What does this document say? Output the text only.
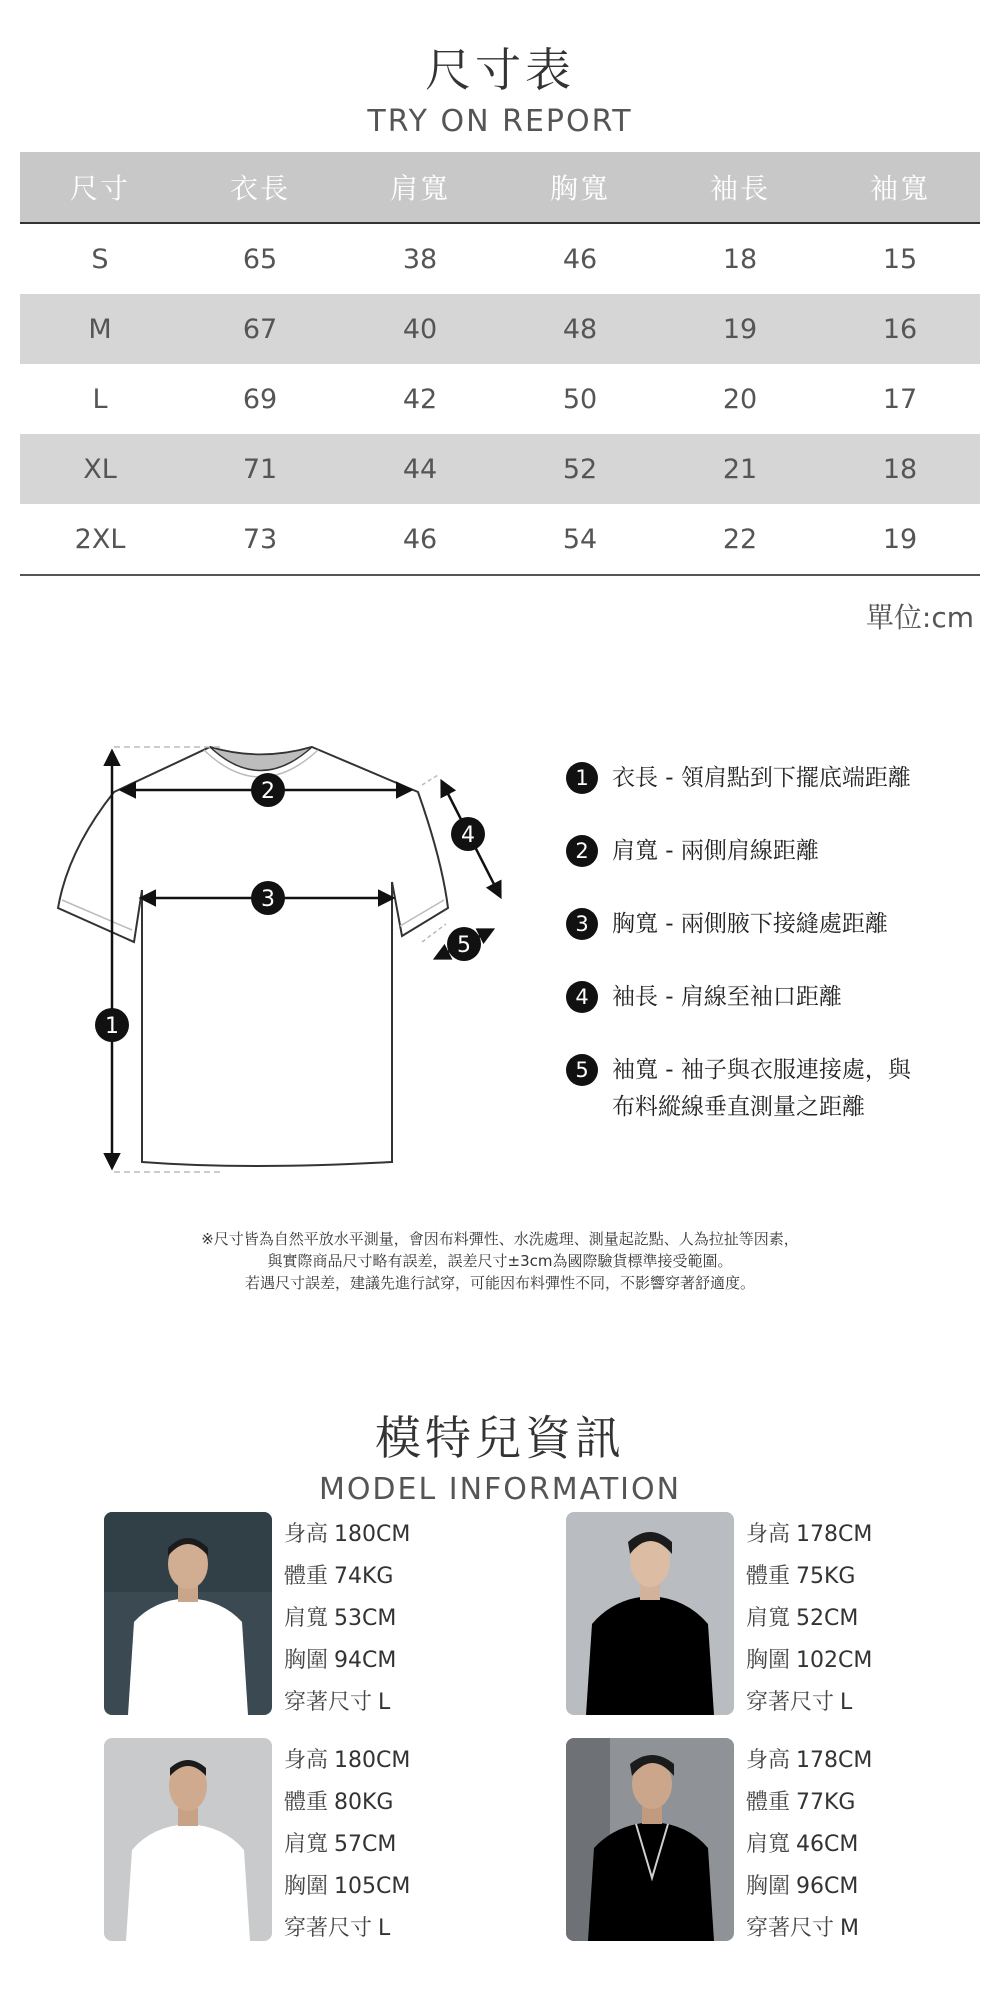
尺寸表
TRY ON REPORT
尺寸	衣長	肩寬	胸寬	袖長	袖寬
S	65	38	46	18	15
M	67	40	48	19	16
L	69	42	50	20	17
XL	71	44	52	21	18
2XL	73	46	54	22	19
單位:cm
1
2
3
4
5
1	衣長 - 領肩點到下擺底端距離
2	肩寬 - 兩側肩線距離
3	胸寬 - 兩側腋下接縫處距離
4	袖長 - 肩線至袖口距離
5	袖寬 - 袖子與衣服連接處，與
布料縱線垂直測量之距離
※尺寸皆為自然平放水平測量，會因布料彈性、水洗處理、測量起訖點、人為拉扯等因素，
與實際商品尺寸略有誤差，誤差尺寸±3cm為國際驗貨標準接受範圍。
若遇尺寸誤差，建議先進行試穿，可能因布料彈性不同，不影響穿著舒適度。
模特兒資訊
MODEL INFORMATION
身高 180CM
體重 74KG
肩寬 53CM
胸圍 94CM
穿著尺寸 L
身高 178CM
體重 75KG
肩寬 52CM
胸圍 102CM
穿著尺寸 L
身高 180CM
體重 80KG
肩寬 57CM
胸圍 105CM
穿著尺寸 L
身高 178CM
體重 77KG
肩寬 46CM
胸圍 96CM
穿著尺寸 M
